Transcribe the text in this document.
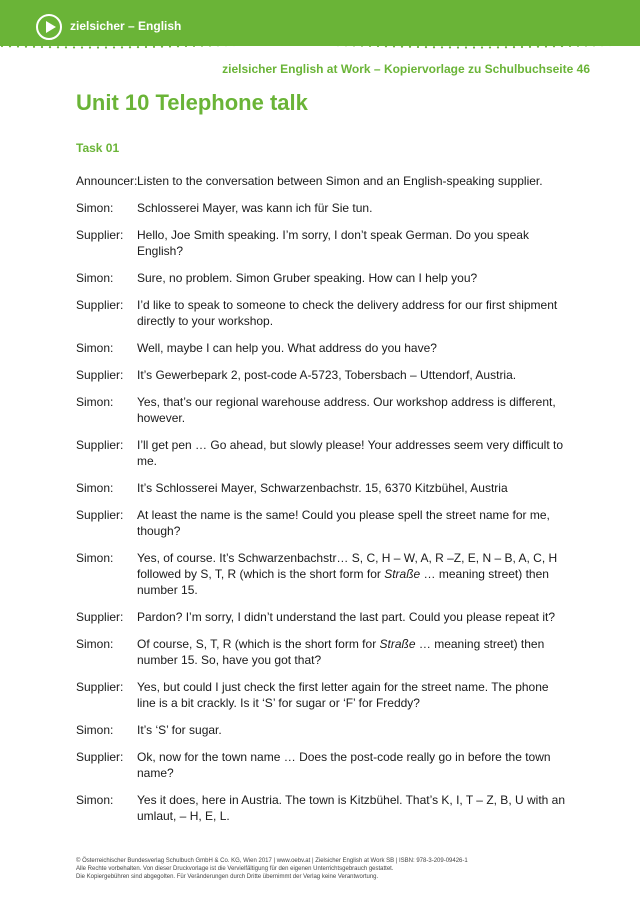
zielsicher – English
zielsicher English at Work – Kopiervorlage zu Schulbuchseite 46
Unit 10 Telephone talk
Task 01
Announcer: Listen to the conversation between Simon and an English-speaking supplier.
Simon:	Schlosserei Mayer, was kann ich für Sie tun.
Supplier:	Hello, Joe Smith speaking. I’m sorry, I don’t speak German. Do you speak English?
Simon:	Sure, no problem. Simon Gruber speaking. How can I help you?
Supplier:	I’d like to speak to someone to check the delivery address for our first shipment directly to your workshop.
Simon:	Well, maybe I can help you. What address do you have?
Supplier:	It’s Gewerbepark 2, post-code A-5723, Tobersbach – Uttendorf, Austria.
Simon:	Yes, that’s our regional warehouse address. Our workshop address is different, however.
Supplier:	I’ll get pen … Go ahead, but slowly please! Your addresses seem very difficult to me.
Simon:	It’s Schlosserei Mayer, Schwarzenbachstr. 15, 6370 Kitzbühel, Austria
Supplier:	At least the name is the same! Could you please spell the street name for me, though?
Simon:	Yes, of course. It’s Schwarzenbachstr… S, C, H – W, A, R –Z, E, N – B, A, C, H followed by S, T, R (which is the short form for Straße … meaning street) then number 15.
Supplier:	Pardon? I’m sorry, I didn’t understand the last part. Could you please repeat it?
Simon:	Of course, S, T, R (which is the short form for Straße … meaning street) then number 15. So, have you got that?
Supplier:	Yes, but could I just check the first letter again for the street name. The phone line is a bit crackly. Is it ‘S’ for sugar or ‘F’ for Freddy?
Simon:	It’s ‘S’ for sugar.
Supplier:	Ok, now for the town name … Does the post-code really go in before the town name?
Simon:	Yes it does, here in Austria. The town is Kitzbühel. That’s K, I, T – Z, B, U with an umlaut, – H, E, L.
© Österreichischer Bundesverlag Schulbuch GmbH & Co. KG, Wien 2017 | www.oebv.at | Zielsicher English at Work SB | ISBN: 978-3-209-09426-1
Alle Rechte vorbehalten. Von dieser Druckvorlage ist die Vervielfältigung für den eigenen Unterrichtsgebrauch gestattet.
Die Kopiergebühren sind abgegolten. Für Veränderungen durch Dritte übernimmt der Verlag keine Verantwortung.
